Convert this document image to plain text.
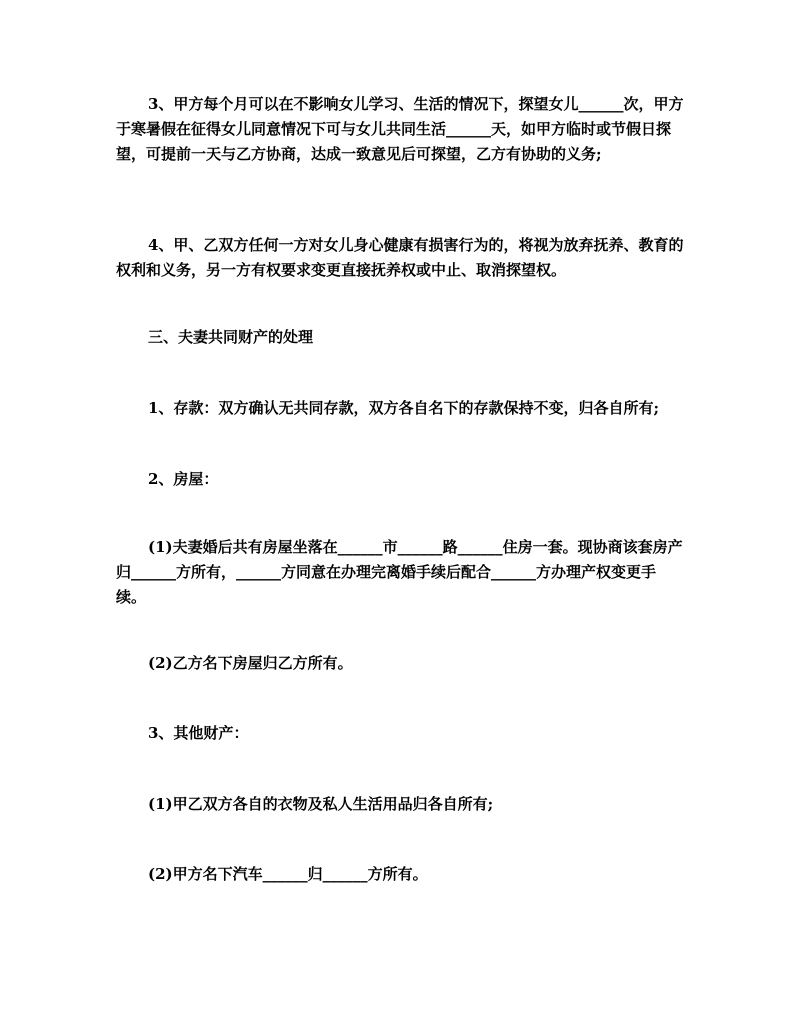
3、甲方每个月可以在不影响女儿学习、生活的情况下，探望女儿______次，甲方于寒暑假在征得女儿同意情况下可与女儿共同生活______天，如甲方临时或节假日探望，可提前一天与乙方协商，达成一致意见后可探望，乙方有协助的义务;

4、甲、乙双方任何一方对女儿身心健康有损害行为的，将视为放弃抚养、教育的权利和义务，另一方有权要求变更直接抚养权或中止、取消探望权。

三、夫妻共同财产的处理

1、存款：双方确认无共同存款，双方各自名下的存款保持不变，归各自所有;

2、房屋：

(1)夫妻婚后共有房屋坐落在______市______路______住房一套。现协商该套房产归______方所有，______方同意在办理完离婚手续后配合______方办理产权变更手续。

(2)乙方名下房屋归乙方所有。

3、其他财产：

(1)甲乙双方各自的衣物及私人生活用品归各自所有;

(2)甲方名下汽车______归______方所有。
